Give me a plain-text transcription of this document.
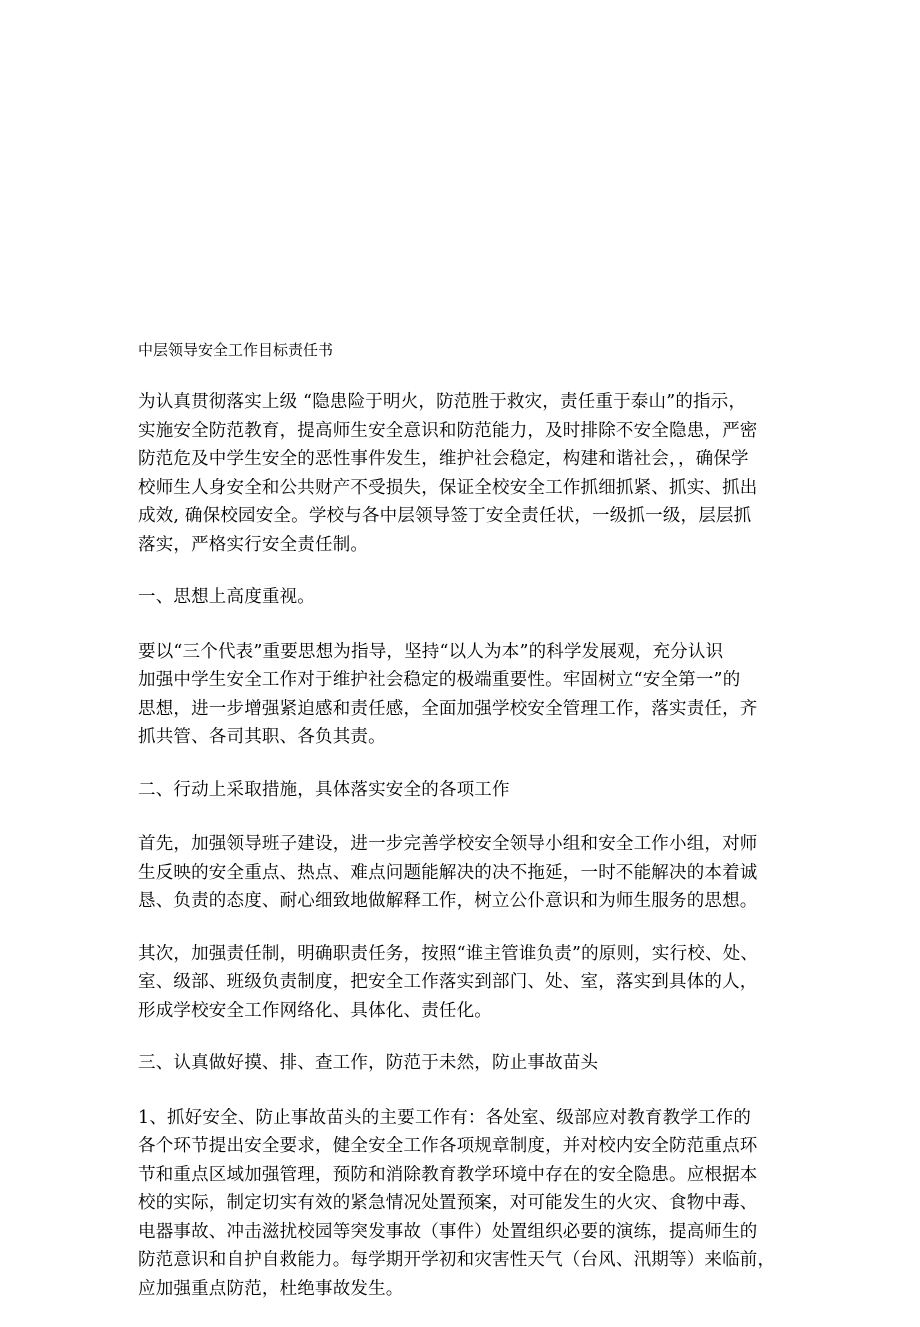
中层领导安全工作目标责任书
为认真贯彻落实上级 “隐患险于明火，防范胜于救灾，责任重于泰山”的指示，
实施安全防范教育，提高师生安全意识和防范能力，及时排除不安全隐患，严密
防范危及中学生安全的恶性事件发生，维护社会稳定，构建和谐社会，，确保学
校师生人身安全和公共财产不受损失，保证全校安全工作抓细抓紧、抓实、抓出
成效, 确保校园安全。学校与各中层领导签丁安全责任状，一级抓一级，层层抓
落实，严格实行安全责任制。
一、思想上高度重视。
要以“三个代表”重要思想为指导，坚持“以人为本”的科学发展观，充分认识
加强中学生安全工作对于维护社会稳定的极端重要性。牢固树立“安全第一”的
思想，进一步增强紧迫感和责任感，全面加强学校安全管理工作，落实责任，齐
抓共管、各司其职、各负其责。
二、行动上采取措施，具体落实安全的各项工作
首先，加强领导班子建设，进一步完善学校安全领导小组和安全工作小组，对师
生反映的安全重点、热点、难点问题能解决的决不拖延，一时不能解决的本着诚
恳、负责的态度、耐心细致地做解释工作，树立公仆意识和为师生服务的思想。
其次，加强责任制，明确职责任务，按照“谁主管谁负责”的原则，实行校、处、
室、级部、班级负责制度，把安全工作落实到部门、处、室，落实到具体的人，
形成学校安全工作网络化、具体化、责任化。
三、认真做好摸、排、查工作，防范于未然，防止事故苗头
1、抓好安全、防止事故苗头的主要工作有：各处室、级部应对教育教学工作的
各个环节提出安全要求，健全安全工作各项规章制度，并对校内安全防范重点环
节和重点区域加强管理，预防和消除教育教学环境中存在的安全隐患。应根据本
校的实际，制定切实有效的紧急情况处置预案，对可能发生的火灾、食物中毒、
电器事故、冲击滋扰校园等突发事故（事件）处置组织必要的演练，提高师生的
防范意识和自护自救能力。每学期开学初和灾害性天气（台风、汛期等）来临前，
应加强重点防范，杜绝事故发生。
